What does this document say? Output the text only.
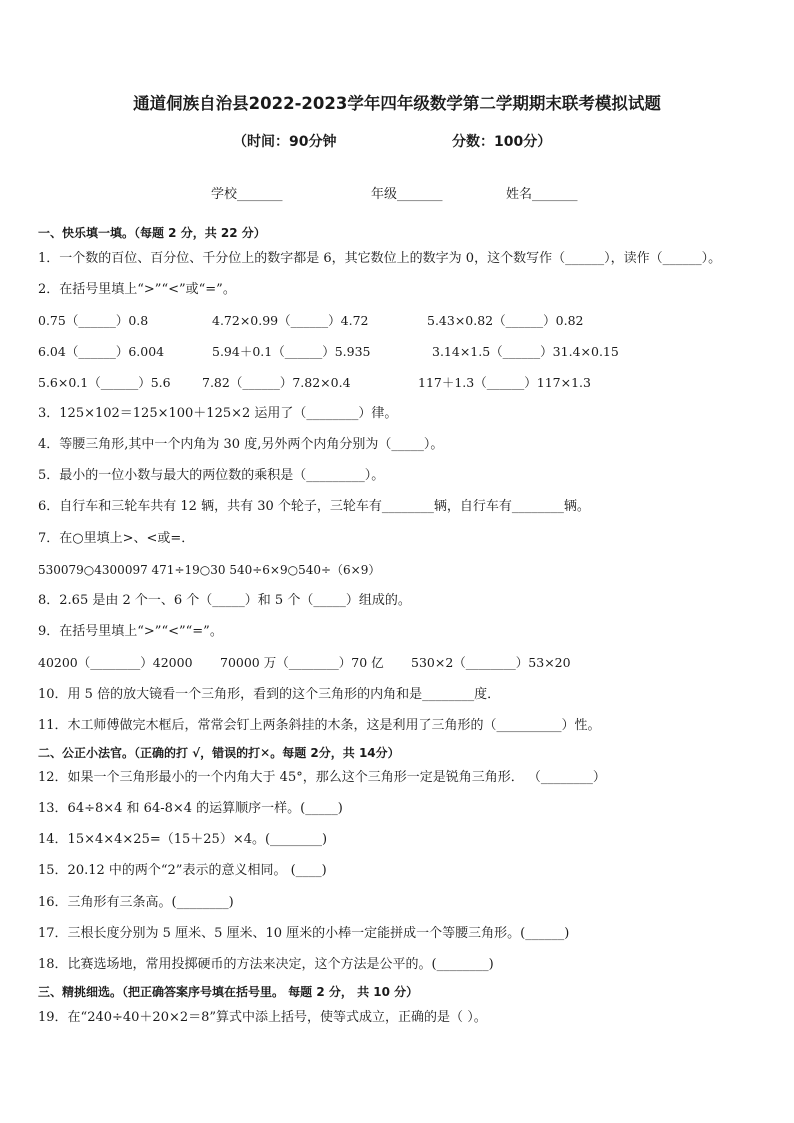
通道侗族自治县2022-2023学年四年级数学第二学期期末联考模拟试题
（时间：90分钟	分数：100分）
学校_______	年级_______	姓名_______
一、快乐填一填。（每题 2 分，共 22 分）
1．一个数的百位、百分位、千分位上的数字都是 6，其它数位上的数字为 0，这个数写作（______），读作（______）。
2．在括号里填上“>”“<”或“=”。
0.75（______）0.8	4.72×0.99（______）4.72	5.43×0.82（______）0.82
6.04（______）6.004	5.94＋0.1（______）5.935	3.14×1.5（______）31.4×0.15
5.6×0.1（______）5.6	7.82（______）7.82×0.4	117＋1.3（______）117×1.3
3．125×102＝125×100＋125×2 运用了（________）律。
4．等腰三角形,其中一个内角为 30 度,另外两个内角分别为（_____）。
5．最小的一位小数与最大的两位数的乘积是（_________）。
6．自行车和三轮车共有 12 辆，共有 30 个轮子，三轮车有________辆，自行车有________辆。
7．在○里填上>、<或=．
530079○4300097 471÷19○30 540÷6×9○540÷（6×9）
8．2.65 是由 2 个一、6 个（_____）和 5 个（_____）组成的。
9．在括号里填上“>”“<”“=”。
40200（________）42000 70000 万（________）70 亿 530×2（________）53×20
10．用 5 倍的放大镜看一个三角形，看到的这个三角形的内角和是________度．
11．木工师傅做完木框后，常常会钉上两条斜挂的木条，这是利用了三角形的（__________）性。
二、公正小法官。（正确的打 √，错误的打✕。每题 2分，共 14分）
12．如果一个三角形最小的一个内角大于 45°，那么这个三角形一定是锐角三角形． （________）
13．64÷8×4 和 64-8×4 的运算顺序一样。(_____)
14．15×4×4×25=（15＋25）×4。(________)
15．20.12 中的两个“2”表示的意义相同。 (____)
16．三角形有三条高。(________)
17．三根长度分别为 5 厘米、5 厘米、10 厘米的小棒一定能拼成一个等腰三角形。(______)
18．比赛选场地，常用投掷硬币的方法来决定，这个方法是公平的。(________)
三、精挑细选。（把正确答案序号填在括号里。 每题 2 分， 共 10 分）
19．在“240÷40＋20×2＝8”算式中添上括号，使等式成立，正确的是（ ）。
